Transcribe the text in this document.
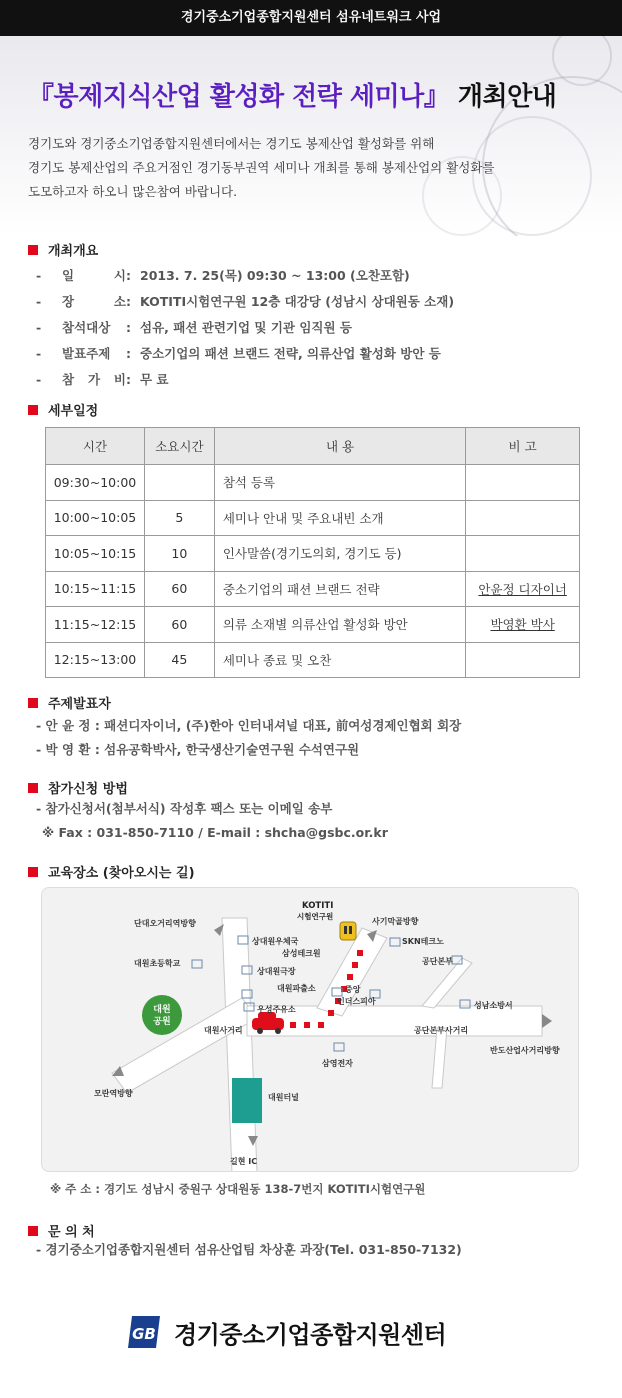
경기중소기업종합지원센터 섬유네트워크 사업
『봉제지식산업 활성화 전략 세미나』 개최안내
경기도와 경기중소기업종합지원센터에서는 경기도 봉제산업 활성화를 위해
경기도 봉제산업의 주요거점인 경기동부권역 세미나 개최를 통해 봉제산업의 활성화를
도모하고자 하오니 많은참여 바랍니다.
개최개요
-	일	시 : 2013. 7. 25(목) 09:30 ~ 13:00 (오찬포함)
-	장	소 : KOTITI시험연구원 12층 대강당 (성남시 상대원동 소재)
-	참석대상 : 섬유, 패션 관련기업 및 기관 임직원 등
-	발표주제 : 중소기업의 패션 브랜드 전략, 의류산업 활성화 방안 등
-	참 가 비 : 무 료
세부일정
시간	소요시간	내 용	비 고
09:30~10:00		참석 등록	
10:00~10:05	5	세미나 안내 및 주요내빈 소개	
10:05~10:15	10	인사말씀(경기도의회, 경기도 등)	
10:15~11:15	60	중소기업의 패션 브랜드 전략	안윤정 디자이너
11:15~12:15	60	의류 소재별 의류산업 활성화 방안	박영환 박사
12:15~13:00	45	세미나 종료 및 오찬	
주제발표자
- 안 윤 정 : 패션디자이너, (주)한아 인터내셔널 대표, 前여성경제인협회 회장
- 박 영 환 : 섬유공학박사, 한국생산기술연구원 수석연구원
참가신청 방법
- 참가신청서(첨부서식) 작성후 팩스 또는 이메일 송부
※ Fax : 031-850-7110 / E-mail : shcha@gsbc.or.kr
교육장소 (찾아오시는 길)
대원
공원
KOTITI
시험연구원
단대오거리역방향	사기막골방향
대원초등학교
상대원우체국
삼성테크원
SKN테크노
상대원극장
공단본부
대원파출소
우성주유소
중앙
인더스피아	성남소방서
대원사거리	공단본부사거리
반도산업사거리방향
삼영전자
모란역방향	대원터널
길현 IC
※ 주 소 : 경기도 성남시 중원구 상대원동 138-7번지 KOTITI시험연구원
문 의 처
- 경기중소기업종합지원센터 섬유산업팀 차상훈 과장(Tel. 031-850-7132)
GB 경기중소기업종합지원센터
